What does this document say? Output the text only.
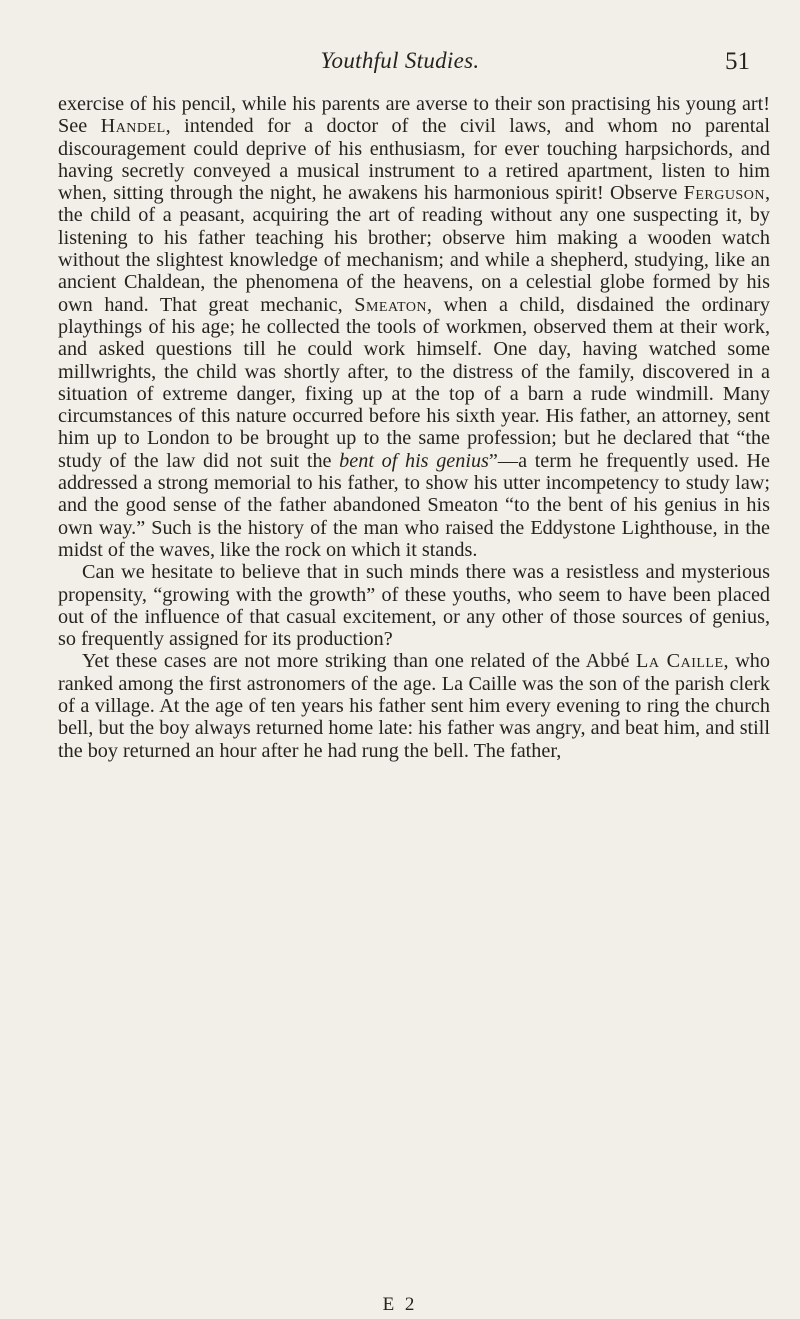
Youthful Studies.	51

exercise of his pencil, while his parents are averse to their son practising his young art! See Handel, intended for a doctor of the civil laws, and whom no parental discouragement could deprive of his enthusiasm, for ever touching harpsichords, and having secretly conveyed a musical instrument to a retired apartment, listen to him when, sitting through the night, he awakens his harmonious spirit! Observe Ferguson, the child of a peasant, acquiring the art of reading without any one suspecting it, by listening to his father teaching his brother; observe him making a wooden watch without the slightest knowledge of mechanism; and while a shepherd, studying, like an ancient Chaldean, the phenomena of the heavens, on a celestial globe formed by his own hand. That great mechanic, Smeaton, when a child, disdained the ordinary playthings of his age; he collected the tools of workmen, observed them at their work, and asked questions till he could work himself. One day, having watched some millwrights, the child was shortly after, to the distress of the family, discovered in a situation of extreme danger, fixing up at the top of a barn a rude windmill. Many circumstances of this nature occurred before his sixth year. His father, an attorney, sent him up to London to be brought up to the same profession; but he declared that “the study of the law did not suit the bent of his genius”—a term he frequently used. He addressed a strong memorial to his father, to show his utter incompetency to study law; and the good sense of the father abandoned Smeaton “to the bent of his genius in his own way.” Such is the history of the man who raised the Eddystone Lighthouse, in the midst of the waves, like the rock on which it stands.

Can we hesitate to believe that in such minds there was a resistless and mysterious propensity, “growing with the growth” of these youths, who seem to have been placed out of the influence of that casual excitement, or any other of those sources of genius, so frequently assigned for its production?

Yet these cases are not more striking than one related of the Abbé La Caille, who ranked among the first astronomers of the age. La Caille was the son of the parish clerk of a village. At the age of ten years his father sent him every evening to ring the church bell, but the boy always returned home late: his father was angry, and beat him, and still the boy returned an hour after he had rung the bell. The father,

E 2
